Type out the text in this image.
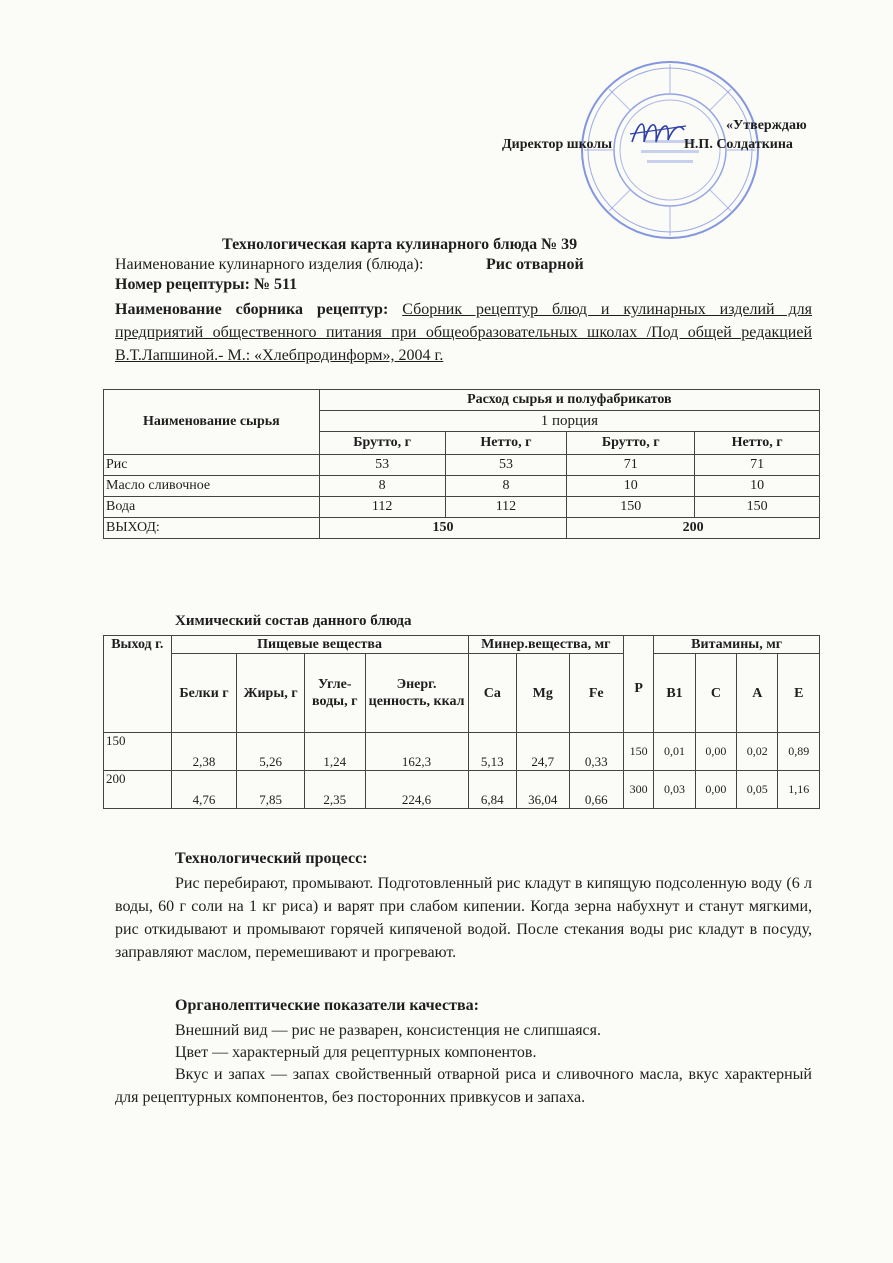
«Утверждаю
Директор школы	Н.П. Солдаткина
Технологическая карта кулинарного блюда № 39
Наименование кулинарного изделия (блюда):	Рис отварной
Номер рецептуры: № 511
Наименование сборника рецептур: Сборник рецептур блюд и кулинарных изделий для предприятий общественного питания при общеобразовательных школах /Под общей редакцией В.Т.Лапшиной.- М.: «Хлебпродинформ», 2004 г.
Наименование сырья	Расход сырья и полуфабрикатов			
	1 порция			
	Брутто, г	Нетто, г	Брутто, г	Нетто, г
Рис	53	53	71	71
Масло сливочное	8	8	10	10
Вода	112	112	150	150
ВЫХОД:	150		200	
Химический состав данного блюда
Выход г.	Пищевые вещества				Минер.вещества, мг			P	Витамины, мг			
	Белки г	Жиры, г	Угле-воды, г	Энерг. ценность, ккал	Ca	Mg	Fe		B1	C	A	E
150	2,38	5,26	1,24	162,3	5,13	24,7	0,33	150	0,01	0,00	0,02	0,89
200	4,76	7,85	2,35	224,6	6,84	36,04	0,66	300	0,03	0,00	0,05	1,16
Технологический процесс:
Рис перебирают, промывают. Подготовленный рис кладут в кипящую подсоленную воду (6 л воды, 60 г соли на 1 кг риса) и варят при слабом кипении. Когда зерна набухнут и станут мягкими, рис откидывают и промывают горячей кипяченой водой. После стекания воды рис кладут в посуду, заправляют маслом, перемешивают и прогревают.
Органолептические показатели качества:
Внешний вид — рис не разварен, консистенция не слипшаяся.
Цвет — характерный для рецептурных компонентов.
Вкус и запах — запах свойственный отварной риса и сливочного масла, вкус характерный для рецептурных компонентов, без посторонних привкусов и запаха.
